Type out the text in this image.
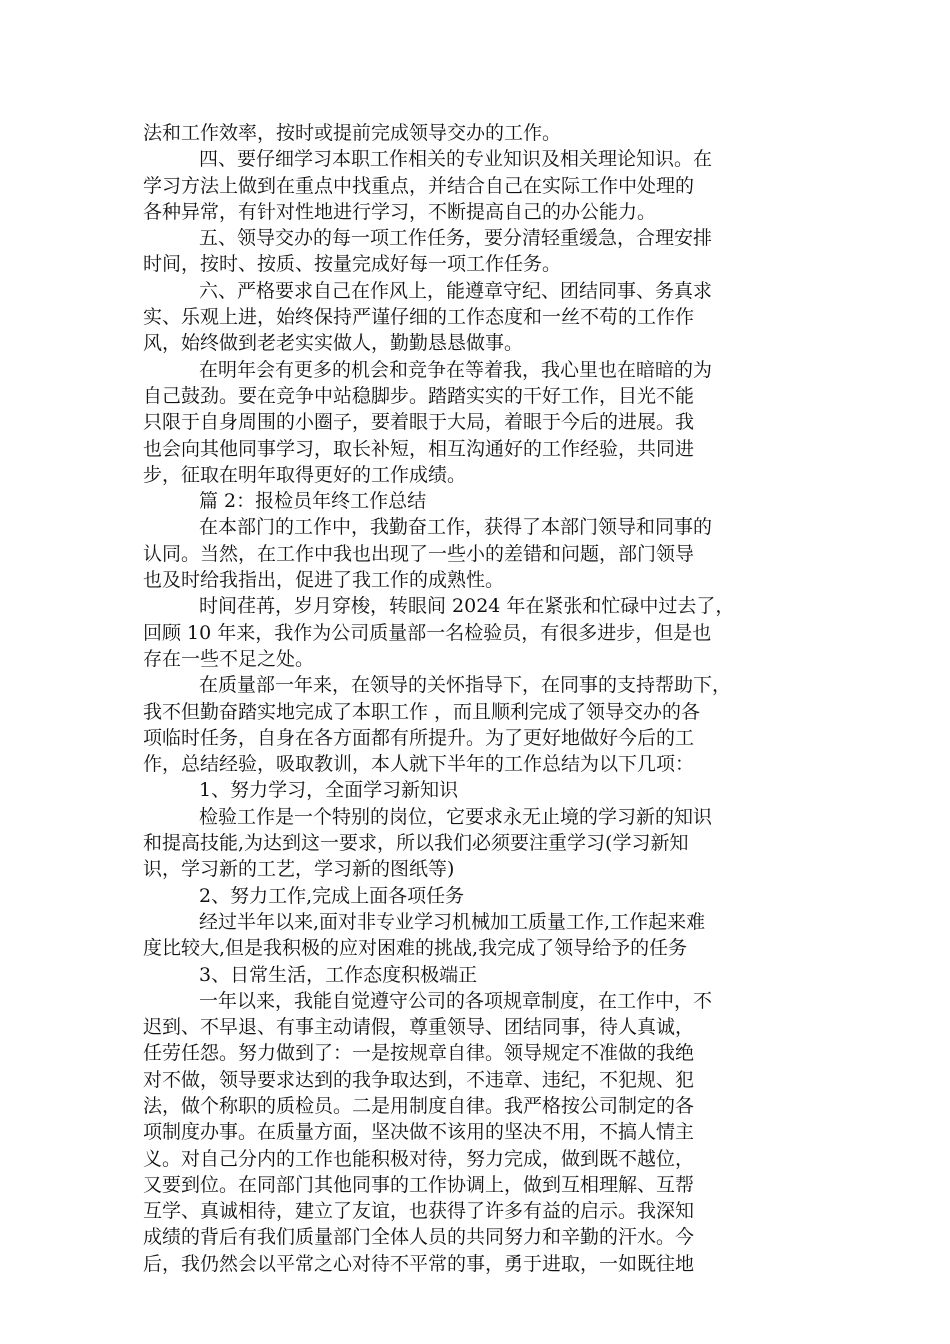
法和工作效率，按时或提前完成领导交办的工作。
四、要仔细学习本职工作相关的专业知识及相关理论知识。在
学习方法上做到在重点中找重点，并结合自己在实际工作中处理的
各种异常，有针对性地进行学习，不断提高自己的办公能力。
五、领导交办的每一项工作任务，要分清轻重缓急，合理安排
时间，按时、按质、按量完成好每一项工作任务。
六、严格要求自己在作风上，能遵章守纪、团结同事、务真求
实、乐观上进，始终保持严谨仔细的工作态度和一丝不苟的工作作
风，始终做到老老实实做人，勤勤恳恳做事。
在明年会有更多的机会和竞争在等着我，我心里也在暗暗的为
自己鼓劲。要在竞争中站稳脚步。踏踏实实的干好工作，目光不能
只限于自身周围的小圈子，要着眼于大局，着眼于今后的进展。我
也会向其他同事学习，取长补短，相互沟通好的工作经验，共同进
步，征取在明年取得更好的工作成绩。
篇 2：报检员年终工作总结
在本部门的工作中，我勤奋工作，获得了本部门领导和同事的
认同。当然，在工作中我也出现了一些小的差错和问题，部门领导
也及时给我指出，促进了我工作的成熟性。
时间荏苒，岁月穿梭，转眼间 2024 年在紧张和忙碌中过去了，
回顾 10 年来，我作为公司质量部一名检验员，有很多进步，但是也
存在一些不足之处。
在质量部一年来，在领导的关怀指导下，在同事的支持帮助下，
我不但勤奋踏实地完成了本职工作 ，而且顺利完成了领导交办的各
项临时任务，自身在各方面都有所提升。为了更好地做好今后的工
作，总结经验，吸取教训，本人就下半年的工作总结为以下几项：
1、努力学习，全面学习新知识
检验工作是一个特别的岗位，它要求永无止境的学习新的知识
和提高技能,为达到这一要求，所以我们必须要注重学习(学习新知
识，学习新的工艺，学习新的图纸等)
2、努力工作,完成上面各项任务
经过半年以来,面对非专业学习机械加工质量工作,工作起来难
度比较大,但是我积极的应对困难的挑战,我完成了领导给予的任务
3、日常生活，工作态度积极端正
一年以来，我能自觉遵守公司的各项规章制度，在工作中，不
迟到、不早退、有事主动请假，尊重领导、团结同事，待人真诚，
任劳任怨。努力做到了：一是按规章自律。领导规定不准做的我绝
对不做，领导要求达到的我争取达到，不违章、违纪，不犯规、犯
法，做个称职的质检员。二是用制度自律。我严格按公司制定的各
项制度办事。在质量方面，坚决做不该用的坚决不用，不搞人情主
义。对自己分内的工作也能积极对待，努力完成，做到既不越位，
又要到位。在同部门其他同事的工作协调上，做到互相理解、互帮
互学、真诚相待，建立了友谊，也获得了许多有益的启示。我深知
成绩的背后有我们质量部门全体人员的共同努力和辛勤的汗水。今
后，我仍然会以平常之心对待不平常的事，勇于进取，一如既往地
